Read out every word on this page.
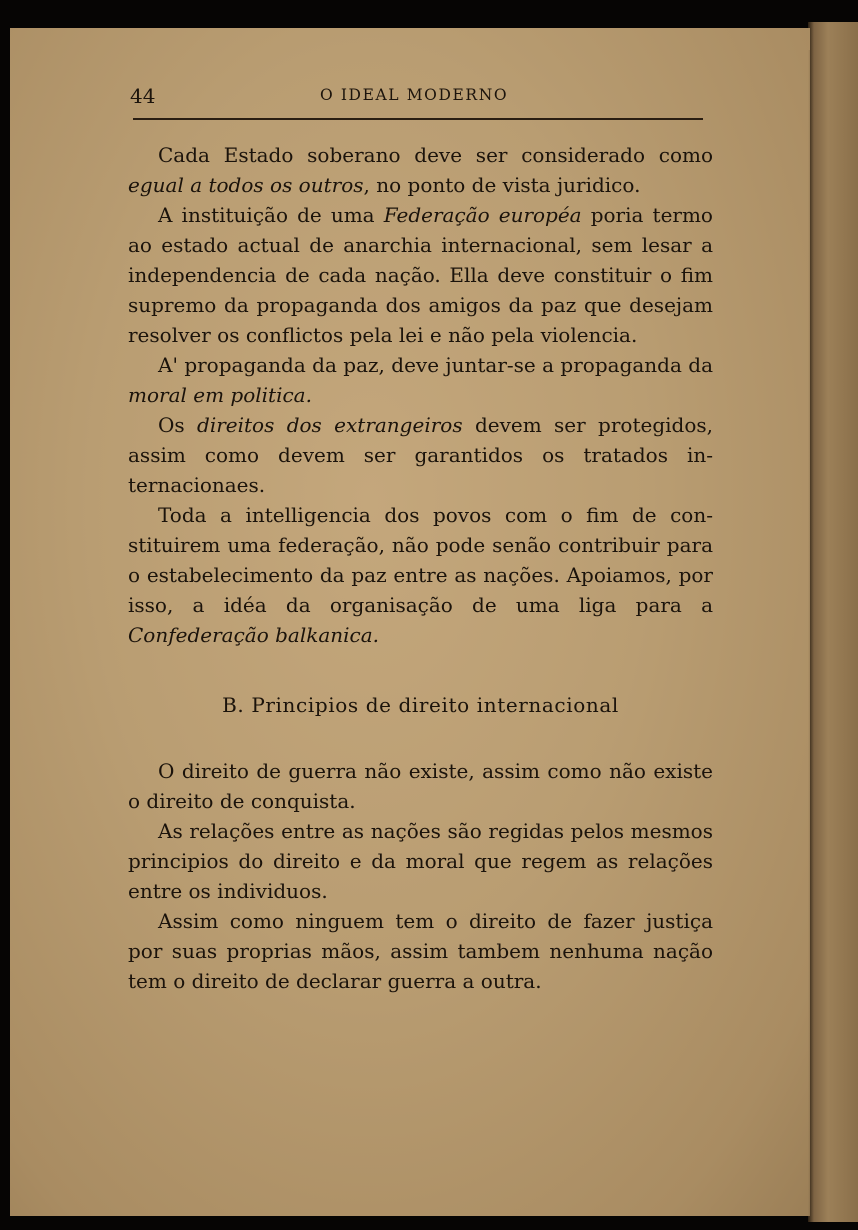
44	O IDEAL MODERNO

Cada Estado soberano deve ser considerado como egual a todos os outros, no ponto de vista juridico.

A instituição de uma Federação européa poria termo ao estado actual de anarchia internacional, sem lesar a independencia de cada nação. Ella deve constituir o fim supremo da propaganda dos amigos da paz que desejam resolver os conflictos pela lei e não pela violencia.

A' propaganda da paz, deve juntar-se a propaganda da moral em politica.

Os direitos dos extrangeiros devem ser protegidos, assim como devem ser garantidos os tratados internacionaes.

Toda a intelligencia dos povos com o fim de constituirem uma federação, não pode senão contribuir para o estabelecimento da paz entre as nações. Apoiamos, por isso, a idéa da organisação de uma liga para a Confederação balkanica.

B. Principios de direito internacional

O direito de guerra não existe, assim como não existe o direito de conquista.

As relações entre as nações são regidas pelos mesmos principios do direito e da moral que regem as relações entre os individuos.

Assim como ninguem tem o direito de fazer justiça por suas proprias mãos, assim tambem nenhuma nação tem o direito de declarar guerra a outra.
